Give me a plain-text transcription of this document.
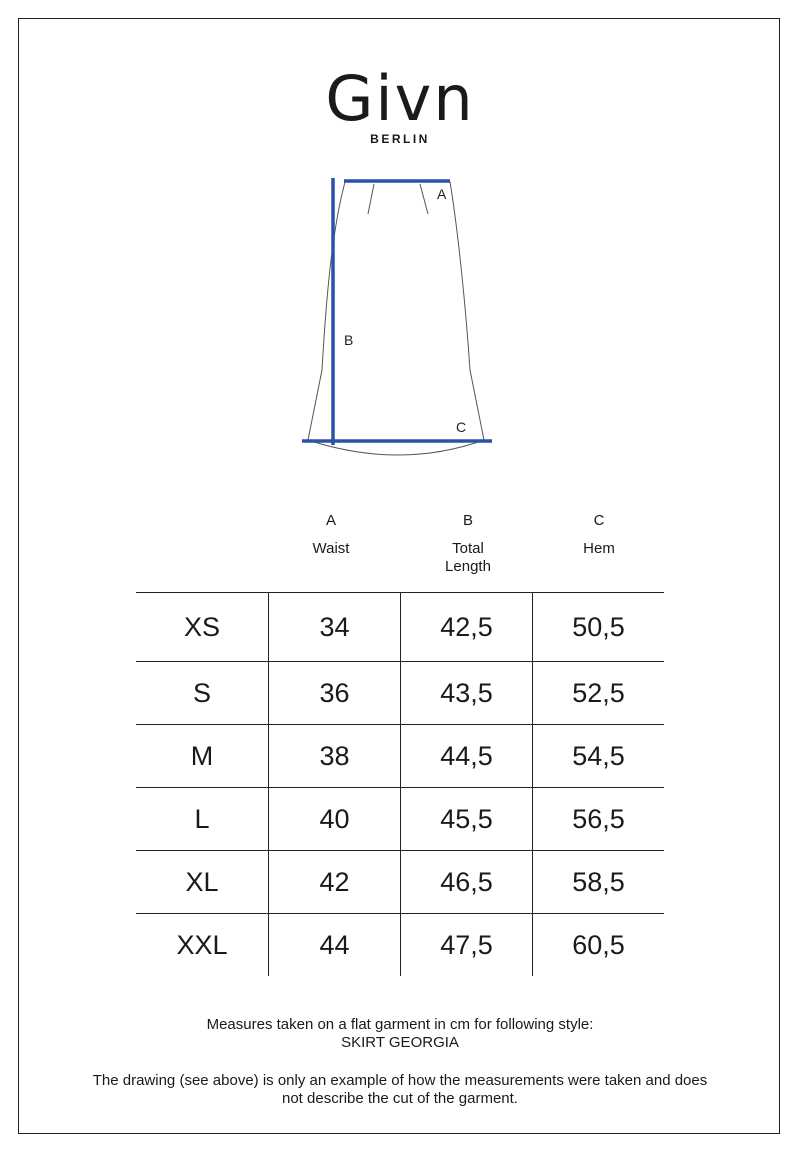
Givn
BERLIN
A
B
C
A
Waist
B
Total
Length
C
Hem
XS	34	42,5	50,5
S	36	43,5	52,5
M	38	44,5	54,5
L	40	45,5	56,5
XL	42	46,5	58,5
XXL	44	47,5	60,5
Measures taken on a flat garment in cm for following style:
SKIRT GEORGIA
The drawing (see above) is only an example of how the measurements were taken and does
not describe the cut of the garment.
